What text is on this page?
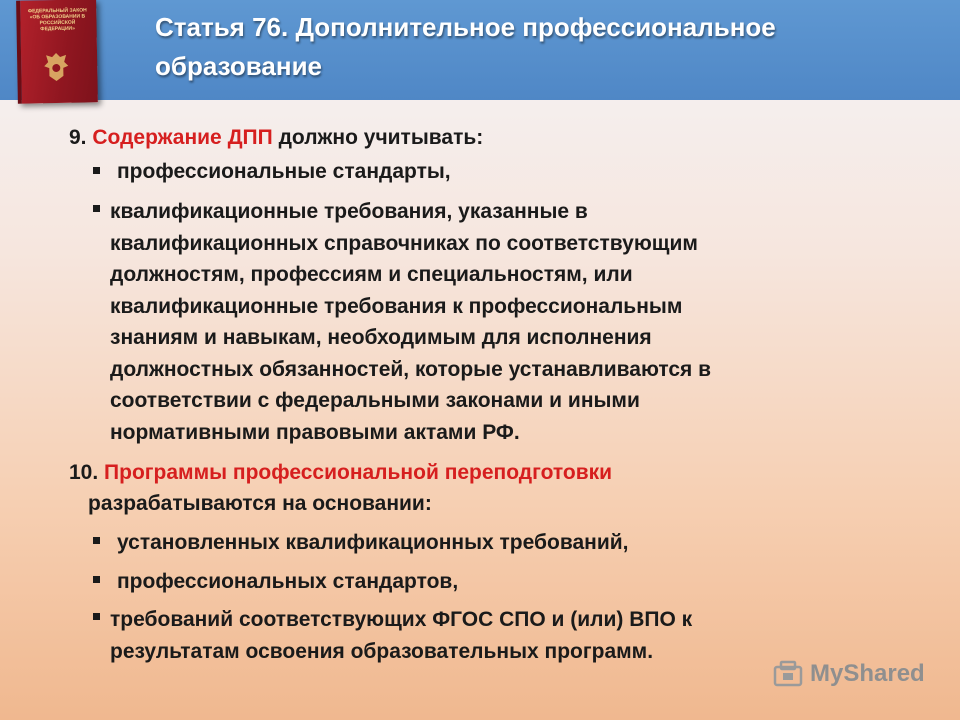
Статья 76. Дополнительное профессиональное
образование
ФЕДЕРАЛЬНЫЙ ЗАКОН «ОБ ОБРАЗОВАНИИ В РОССИЙСКОЙ ФЕДЕРАЦИИ»
9. Содержание ДПП должно учитывать:
профессиональные стандарты,
квалификационные требования, указанные в
квалификационных справочниках по соответствующим
должностям, профессиям и специальностям, или
квалификационные требования к профессиональным
знаниям и навыкам, необходимым для исполнения
должностных обязанностей, которые устанавливаются в
соответствии с федеральными законами и иными
нормативными правовыми актами РФ.
10. Программы профессиональной переподготовки
разрабатываются на основании:
установленных квалификационных требований,
профессиональных стандартов,
требований соответствующих ФГОС СПО и (или) ВПО к
результатам освоения образовательных программ.
MyShared
